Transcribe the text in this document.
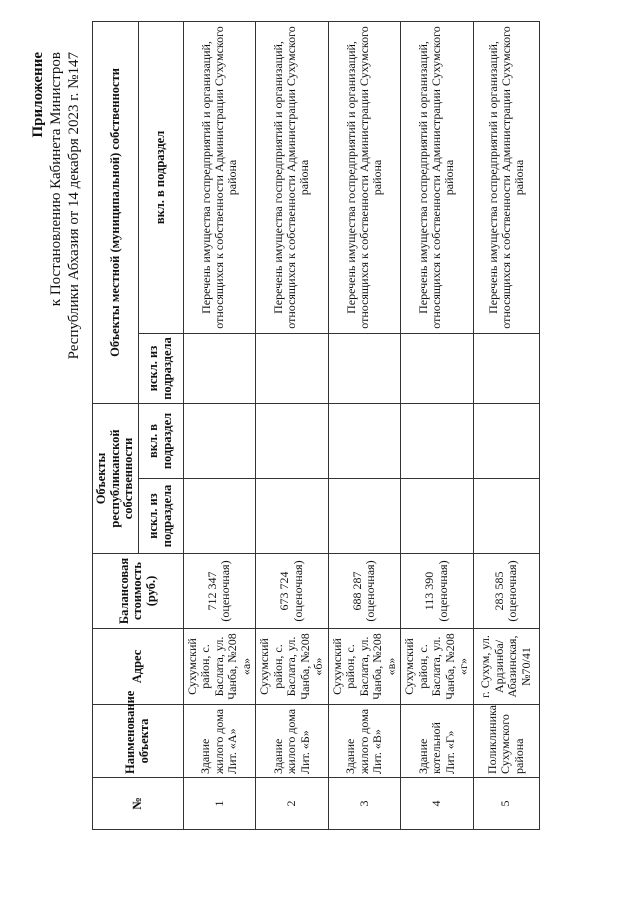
Приложение к Постановлению Кабинета Министров Республики Абхазия от 14 декабря 2023 г. №147
№	Наименование объекта	Адрес	Балансовая стоимость (руб.)	Объекты республиканской собственности		Объекты местной (муниципальной) собственности	
				искл. из подраздела	вкл. в подраздел	искл. из подраздела	вкл. в подраздел
1	Здание жилого дома Лит. «А»	Сухумский район, с. Баслата, ул. Чанба, №208 «а»	712 347 (оценочная)				Перечень имущества госпредприятий и организаций, относящихся к собственности Администрации Сухумского района
2	Здание жилого дома Лит. «Б»	Сухумский район, с. Баслата, ул. Чанба, №208 «б»	673 724 (оценочная)				Перечень имущества госпредприятий и организаций, относящихся к собственности Администрации Сухумского района
3	Здание жилого дома Лит. «В»	Сухумский район, с. Баслата, ул. Чанба, №208 «в»	688 287 (оценочная)				Перечень имущества госпредприятий и организаций, относящихся к собственности Администрации Сухумского района
4	Здание котельной Лит. «Г»	Сухумский район, с. Баслата, ул. Чанба, №208 «г»	113 390 (оценочная)				Перечень имущества госпредприятий и организаций, относящихся к собственности Администрации Сухумского района
5	Поликлиника Сухумского района	г. Сухум, ул. Ардзинба/ Абазинская, №70/41	283 585 (оценочная)				Перечень имущества госпредприятий и организаций, относящихся к собственности Администрации Сухумского района
